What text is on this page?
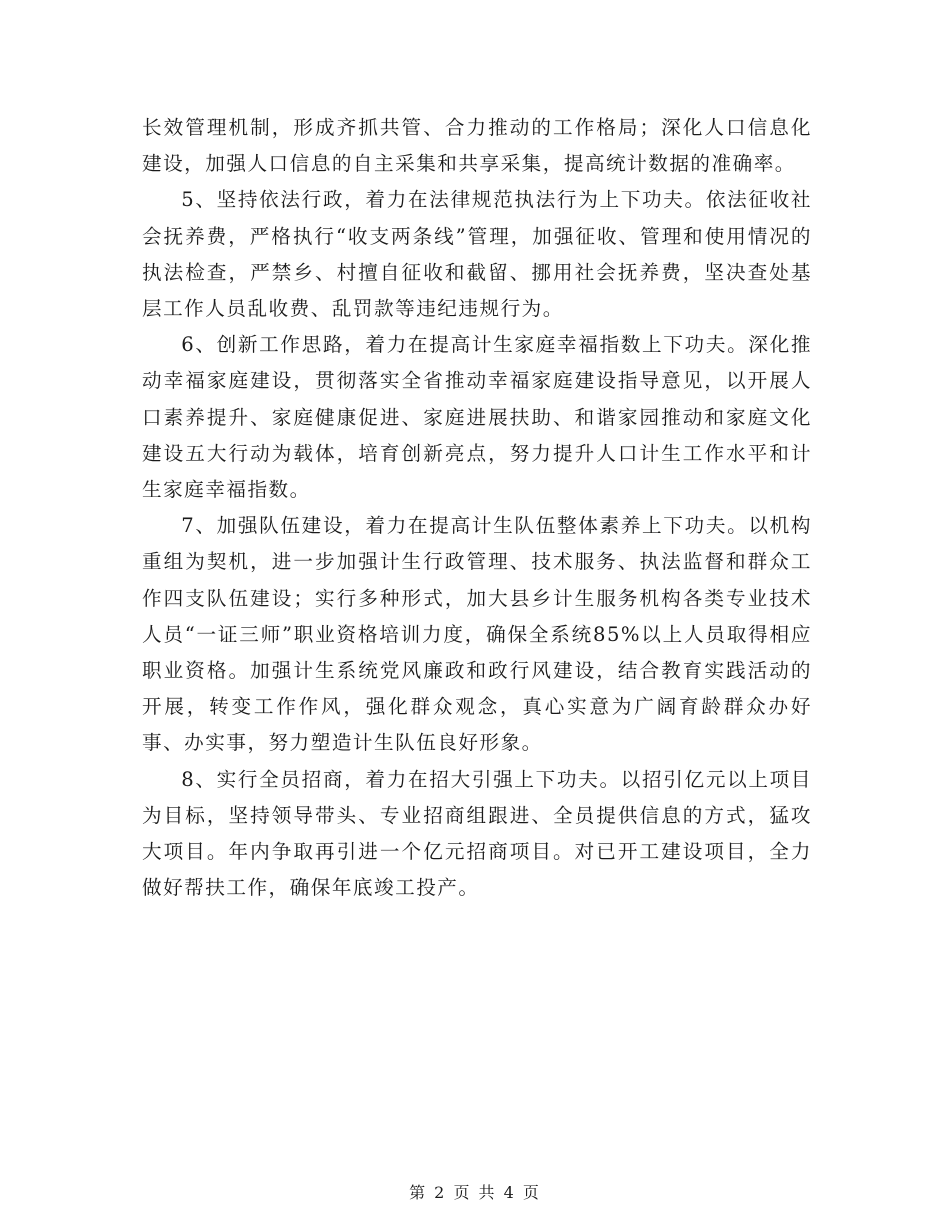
长效管理机制，形成齐抓共管、合力推动的工作格局；深化人口信息化建设，加强人口信息的自主采集和共享采集，提高统计数据的准确率。

5、坚持依法行政，着力在法律规范执法行为上下功夫。依法征收社会抚养费，严格执行“收支两条线”管理，加强征收、管理和使用情况的执法检查，严禁乡、村擅自征收和截留、挪用社会抚养费，坚决查处基层工作人员乱收费、乱罚款等违纪违规行为。

6、创新工作思路，着力在提高计生家庭幸福指数上下功夫。深化推动幸福家庭建设，贯彻落实全省推动幸福家庭建设指导意见，以开展人口素养提升、家庭健康促进、家庭进展扶助、和谐家园推动和家庭文化建设五大行动为载体，培育创新亮点，努力提升人口计生工作水平和计生家庭幸福指数。

7、加强队伍建设，着力在提高计生队伍整体素养上下功夫。以机构重组为契机，进一步加强计生行政管理、技术服务、执法监督和群众工作四支队伍建设；实行多种形式，加大县乡计生服务机构各类专业技术人员“一证三师”职业资格培训力度，确保全系统85%以上人员取得相应职业资格。加强计生系统党风廉政和政行风建设，结合教育实践活动的开展，转变工作作风，强化群众观念，真心实意为广阔育龄群众办好事、办实事，努力塑造计生队伍良好形象。

8、实行全员招商，着力在招大引强上下功夫。以招引亿元以上项目为目标，坚持领导带头、专业招商组跟进、全员提供信息的方式，猛攻大项目。年内争取再引进一个亿元招商项目。对已开工建设项目，全力做好帮扶工作，确保年底竣工投产。

第 2 页 共 4 页
